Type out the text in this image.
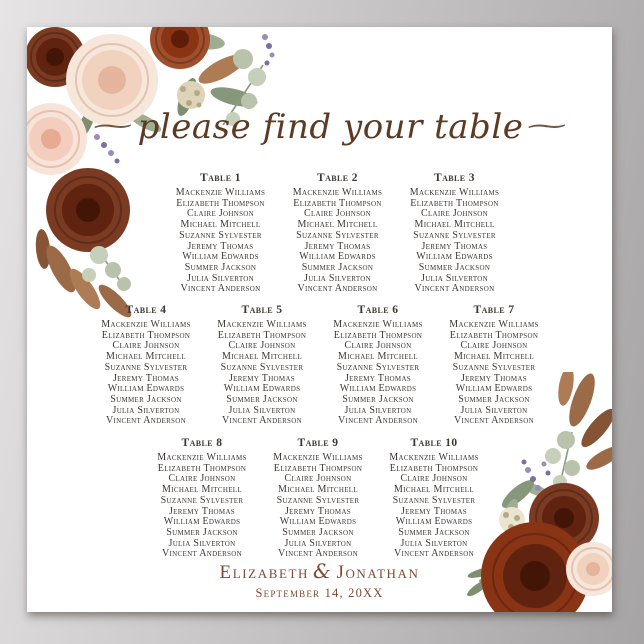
~please find your table~
Table 1
Mackenzie Williams
Elizabeth Thompson
Claire Johnson
Michael Mitchell
Suzanne Sylvester
Jeremy Thomas
William Edwards
Summer Jackson
Julia Silverton
Vincent Anderson
Table 2
Mackenzie Williams
Elizabeth Thompson
Claire Johnson
Michael Mitchell
Suzanne Sylvester
Jeremy Thomas
William Edwards
Summer Jackson
Julia Silverton
Vincent Anderson
Table 3
Mackenzie Williams
Elizabeth Thompson
Claire Johnson
Michael Mitchell
Suzanne Sylvester
Jeremy Thomas
William Edwards
Summer Jackson
Julia Silverton
Vincent Anderson
Table 4
Mackenzie Williams
Elizabeth Thompson
Claire Johnson
Michael Mitchell
Suzanne Sylvester
Jeremy Thomas
William Edwards
Summer Jackson
Julia Silverton
Vincent Anderson
Table 5
Mackenzie Williams
Elizabeth Thompson
Claire Johnson
Michael Mitchell
Suzanne Sylvester
Jeremy Thomas
William Edwards
Summer Jackson
Julia Silverton
Vincent Anderson
Table 6
Mackenzie Williams
Elizabeth Thompson
Claire Johnson
Michael Mitchell
Suzanne Sylvester
Jeremy Thomas
William Edwards
Summer Jackson
Julia Silverton
Vincent Anderson
Table 7
Mackenzie Williams
Elizabeth Thompson
Claire Johnson
Michael Mitchell
Suzanne Sylvester
Jeremy Thomas
William Edwards
Summer Jackson
Julia Silverton
Vincent Anderson
Table 8
Mackenzie Williams
Elizabeth Thompson
Claire Johnson
Michael Mitchell
Suzanne Sylvester
Jeremy Thomas
William Edwards
Summer Jackson
Julia Silverton
Vincent Anderson
Table 9
Mackenzie Williams
Elizabeth Thompson
Claire Johnson
Michael Mitchell
Suzanne Sylvester
Jeremy Thomas
William Edwards
Summer Jackson
Julia Silverton
Vincent Anderson
Table 10
Mackenzie Williams
Elizabeth Thompson
Claire Johnson
Michael Mitchell
Suzanne Sylvester
Jeremy Thomas
William Edwards
Summer Jackson
Julia Silverton
Vincent Anderson
Elizabeth & Jonathan
September 14, 20XX
